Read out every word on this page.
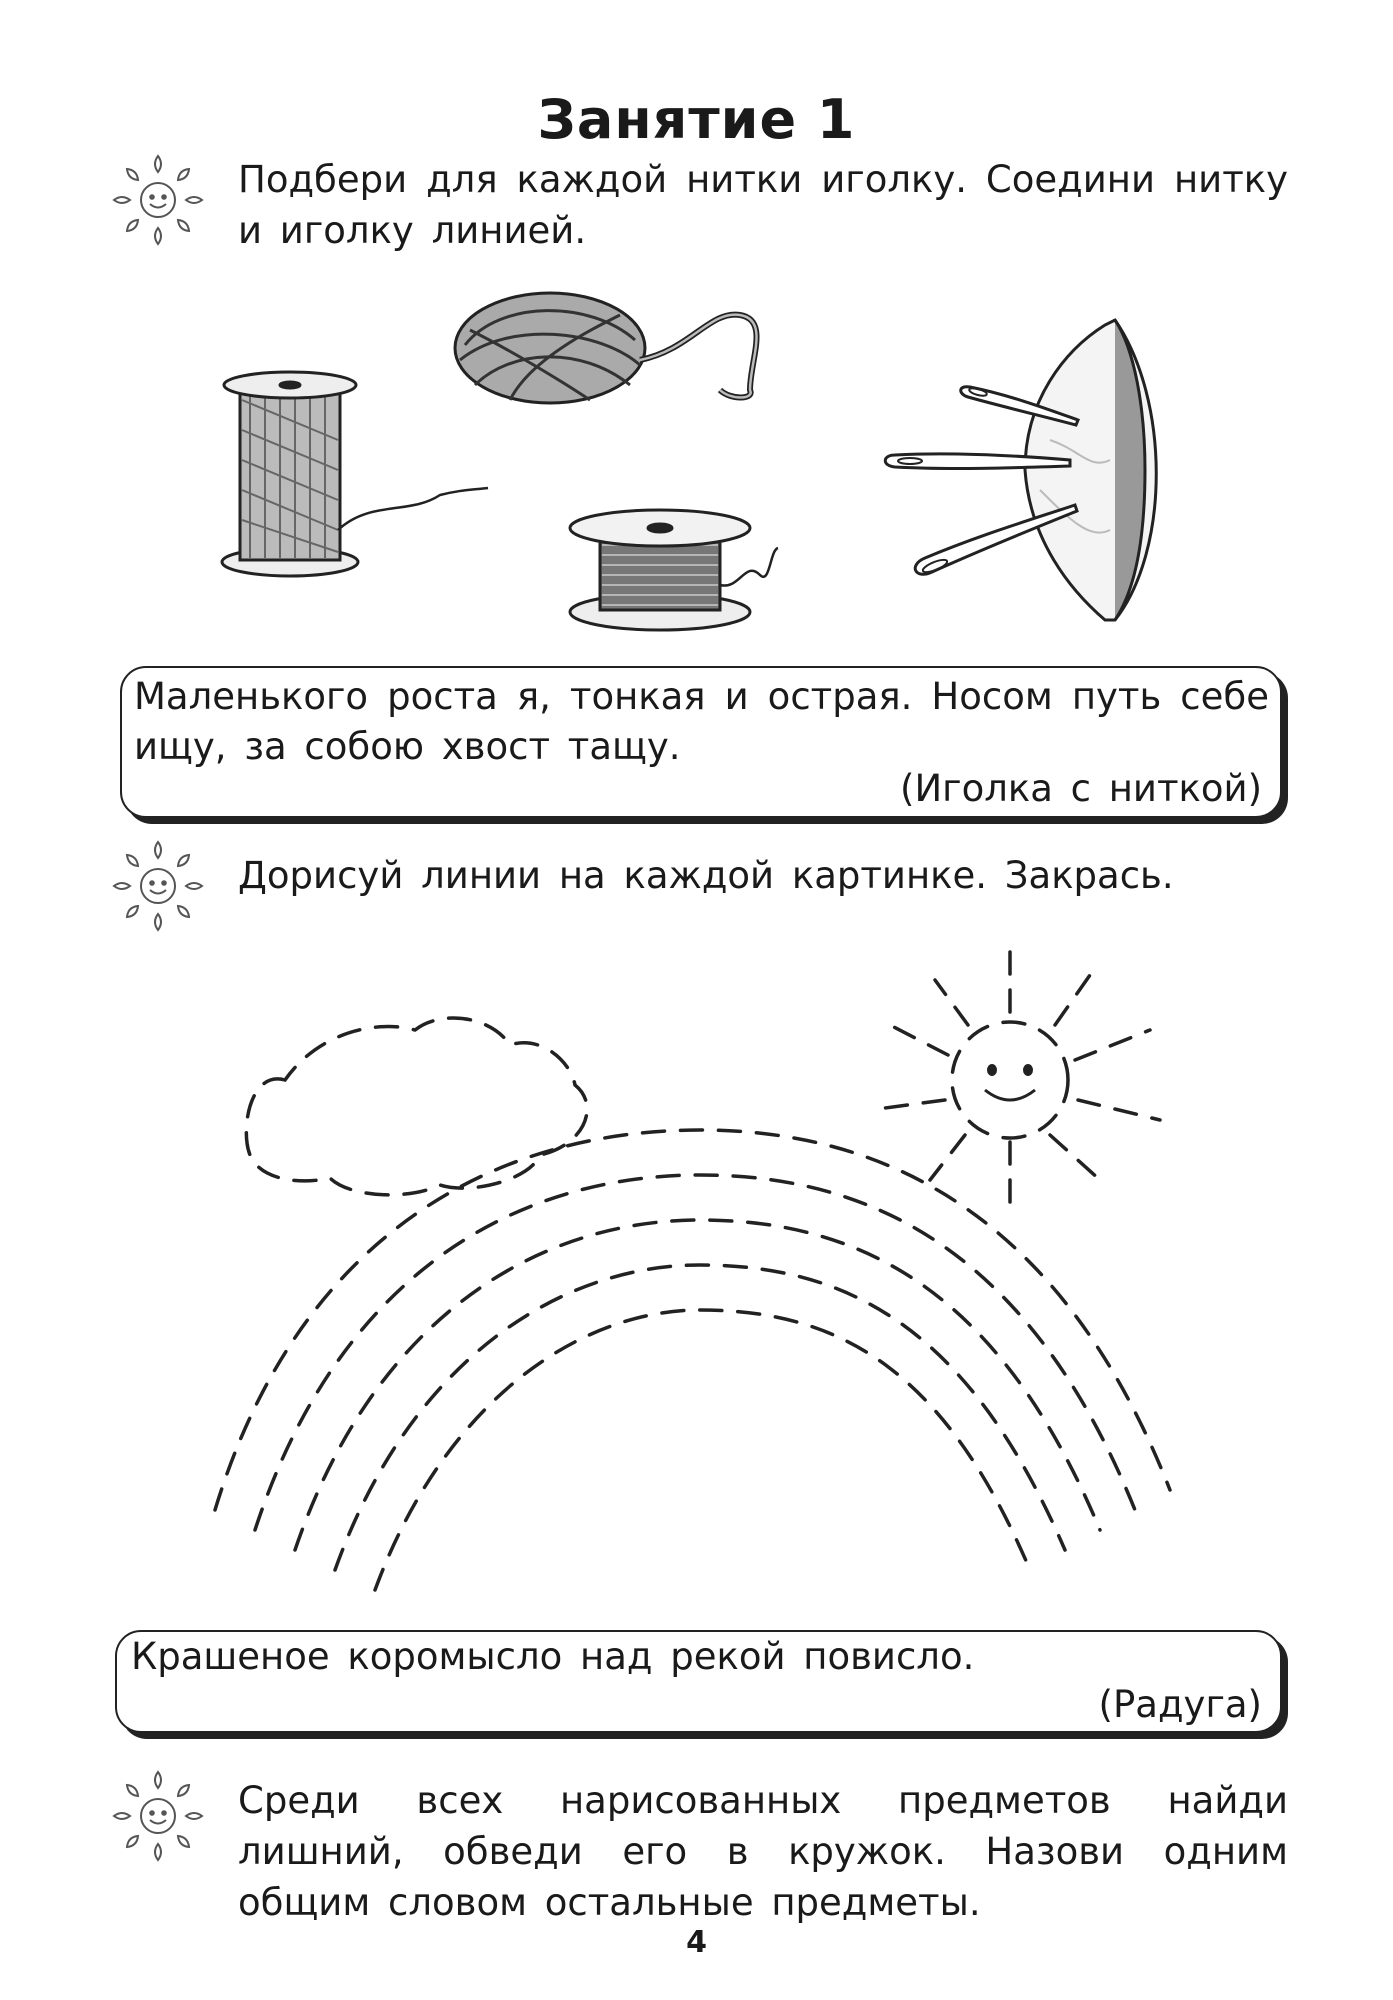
Занятие 1
Подбери для каждой нитки иголку. Соедини нитку и иголку линией.
Маленького роста я, тонкая и острая. Носом путь себе ищу, за собою хвост тащу.
(Иголка с ниткой)
Дорисуй линии на каждой картинке. Закрась.
Крашеное коромысло над рекой повисло.
(Радуга)
Среди всех нарисованных предметов найди лишний, обведи его в кружок. Назови одним общим словом остальные предметы.
4
